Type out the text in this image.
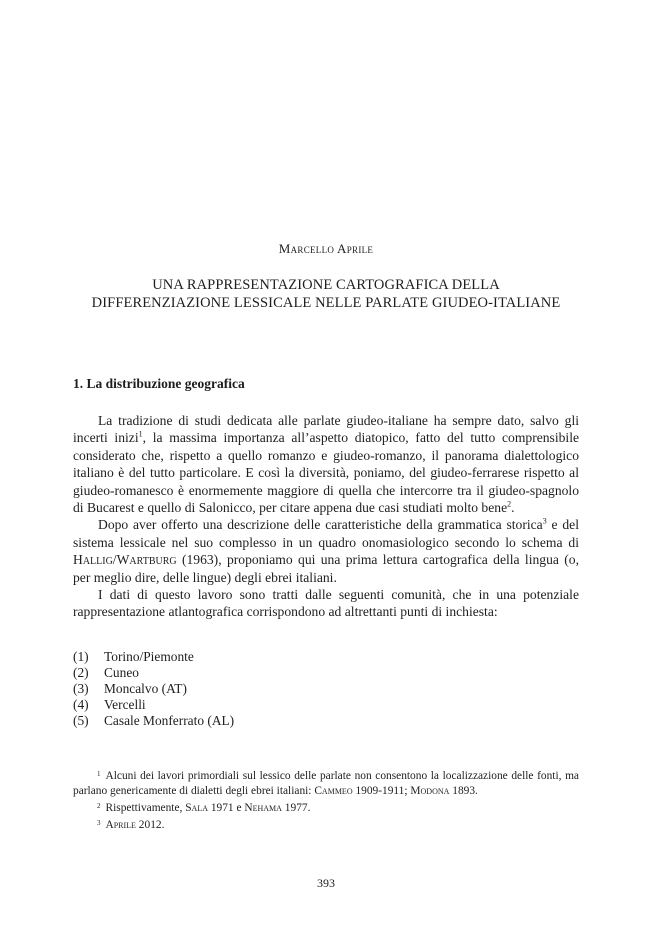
Marcello Aprile
UNA RAPPRESENTAZIONE CARTOGRAFICA DELLA
DIFFERENZIAZIONE LESSICALE NELLE PARLATE GIUDEO-ITALIANE
1. La distribuzione geografica

La tradizione di studi dedicata alle parlate giudeo-italiane ha sempre dato, salvo gli incerti inizi$^1$, la massima importanza all’aspetto diatopico, fatto del tutto comprensibile considerato che, rispetto a quello romanzo e giudeo-romanzo, il panorama dialettologico italiano è del tutto particolare. E così la diversità, poniamo, del giudeo-ferrarese rispetto al giudeo-romanesco è enormemente maggiore di quella che intercorre tra il giudeo-spagnolo di Bucarest e quello di Salonicco, per citare appena due casi studiati molto bene$^2$.

Dopo aver offerto una descrizione delle caratteristiche della grammatica storica$^3$ e del sistema lessicale nel suo complesso in un quadro onomasiologico secondo lo schema di Hallig/Wartburg (1963), proponiamo qui una prima lettura cartografica della lingua (o, per meglio dire, delle lingue) degli ebrei italiani.

I dati di questo lavoro sono tratti dalle seguenti comunità, che in una potenziale rappresentazione atlantografica corrispondono ad altrettanti punti di inchiesta:

(1)	Torino/Piemonte
(2)	Cuneo
(3)	Moncalvo (AT)
(4)	Vercelli
(5)	Casale Monferrato (AL)

$^1$ Alcuni dei lavori primordiali sul lessico delle parlate non consentono la localizzazione delle fonti, ma parlano genericamente di dialetti degli ebrei italiani: Cammeo 1909-1911; Modona 1893.

$^2$ Rispettivamente, Sala 1971 e Nehama 1977.

$^3$ Aprile 2012.

393
